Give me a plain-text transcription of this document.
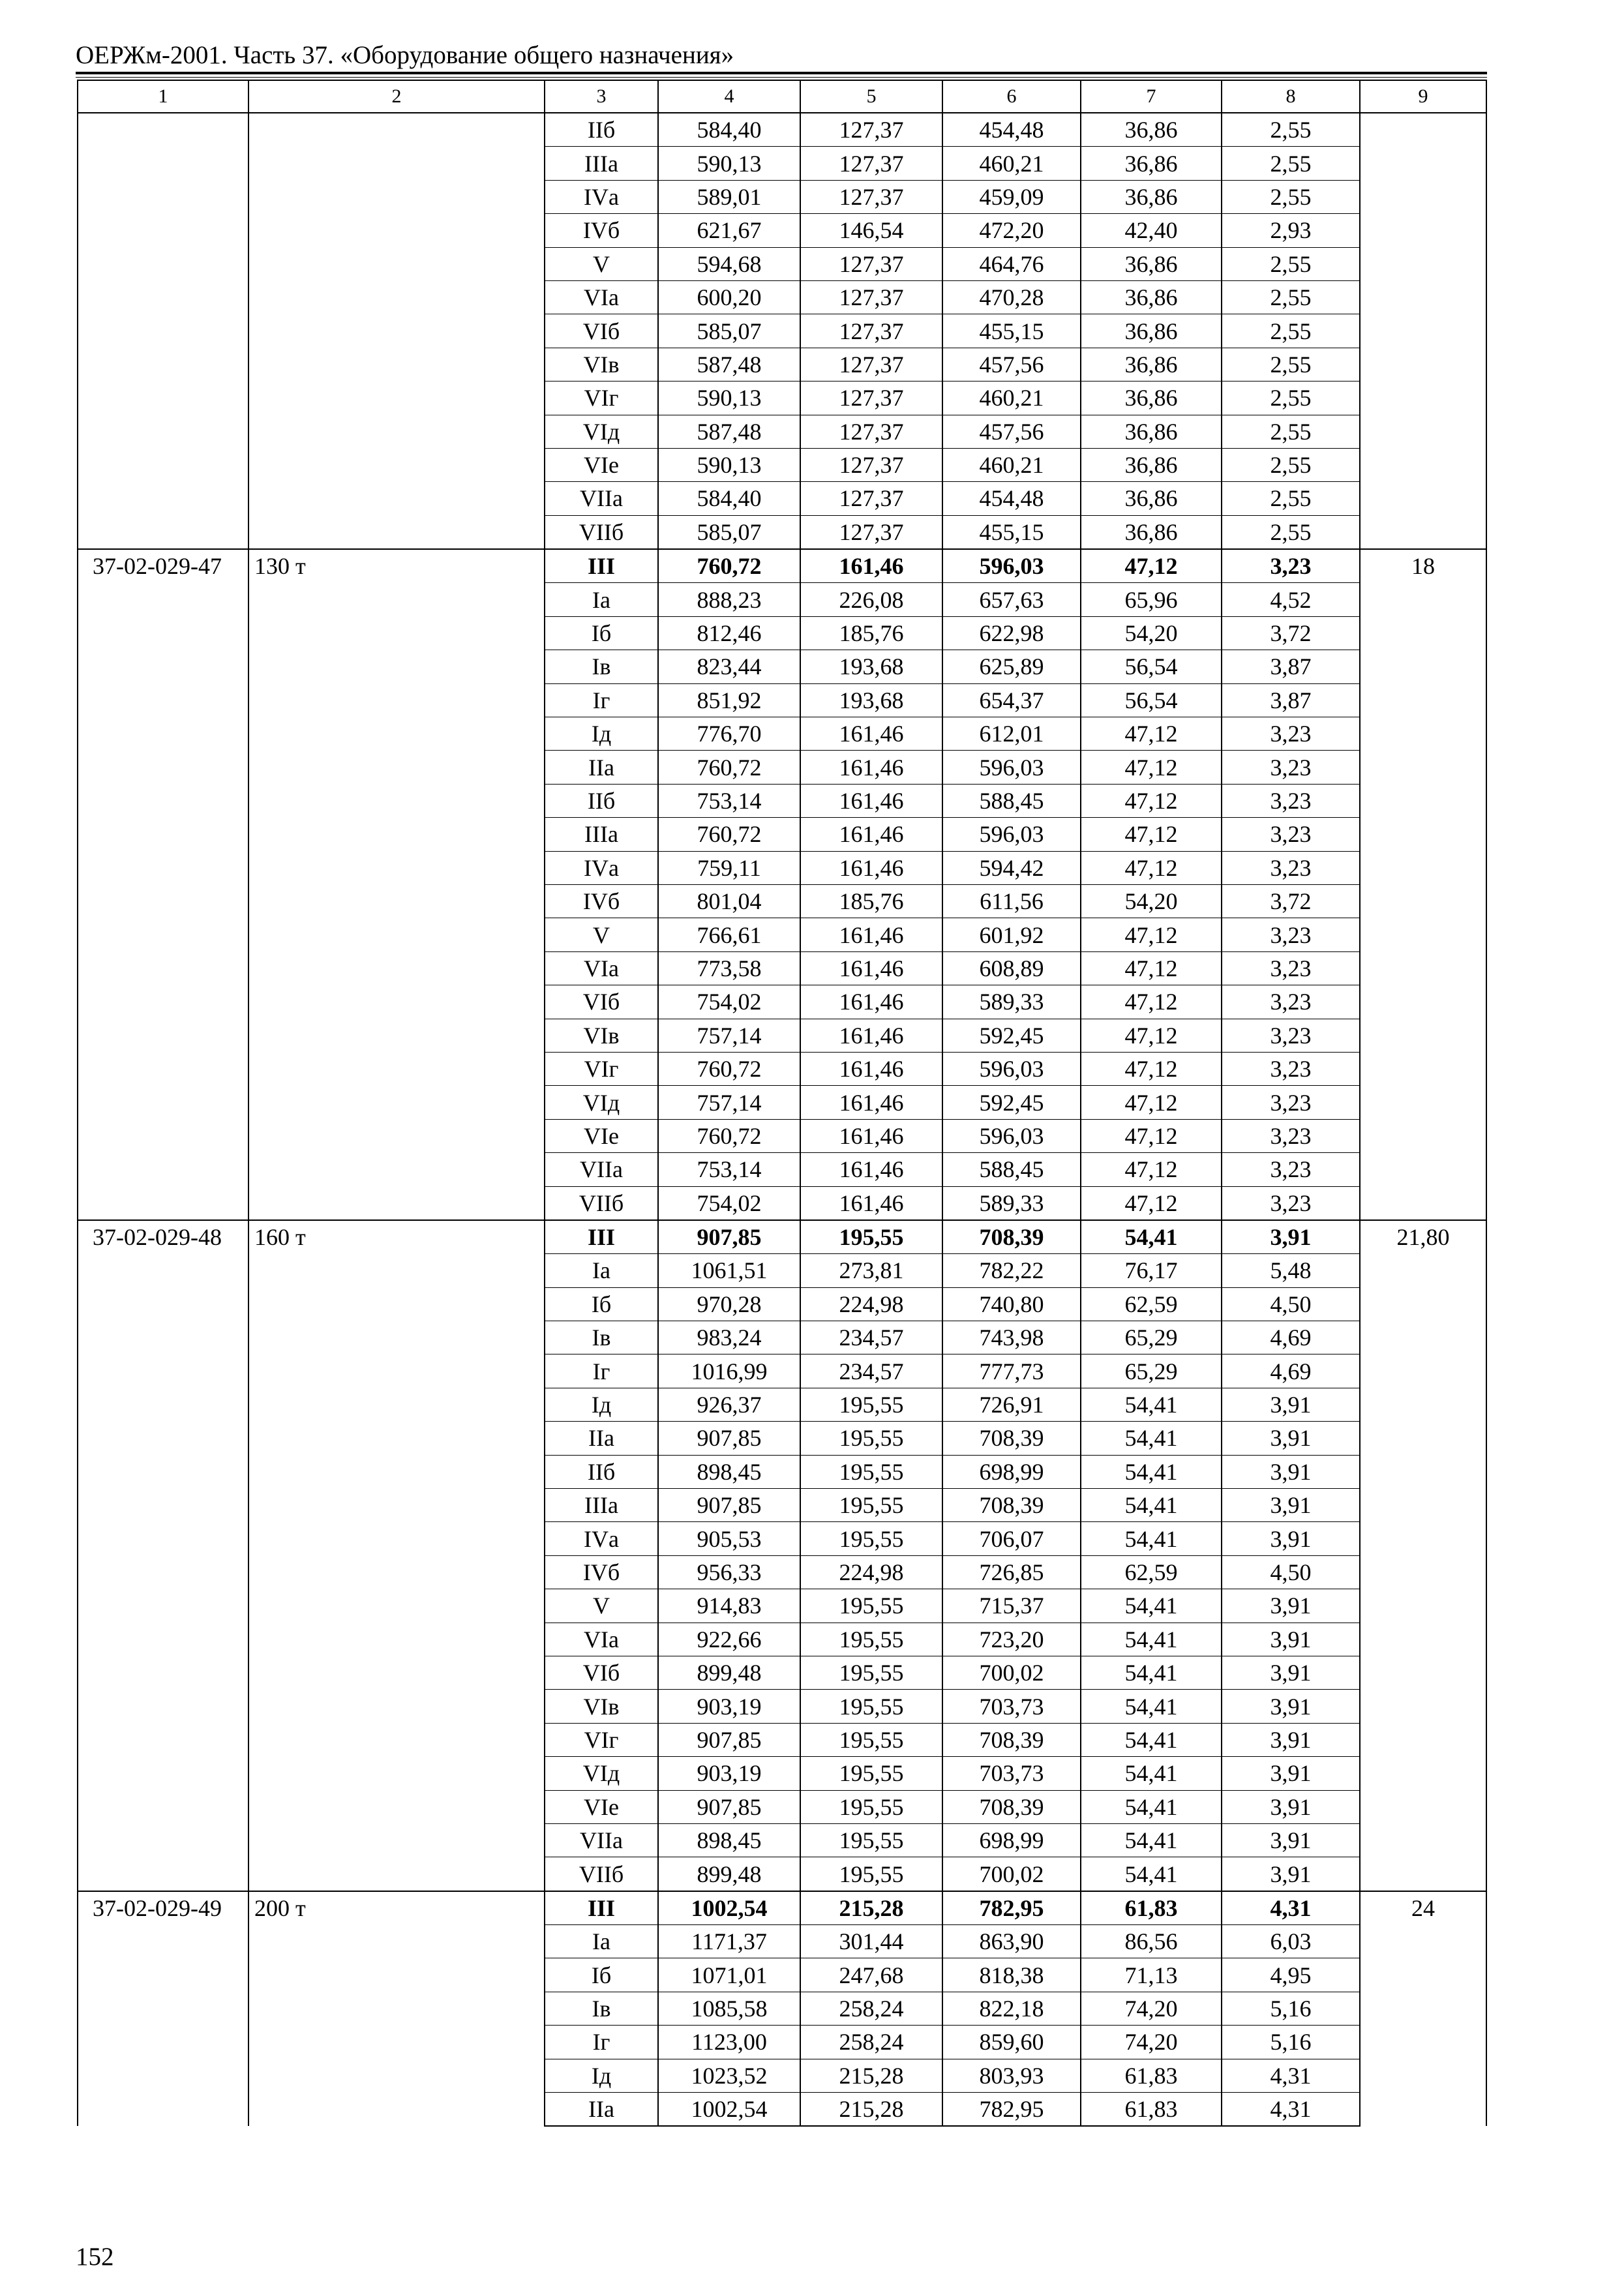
ОЕРЖм-2001. Часть 37. «Оборудование общего назначения»
1	2	3	4	5	6	7	8	9
		IIб	584,40	127,37	454,48	36,86	2,55	
		IIIа	590,13	127,37	460,21	36,86	2,55	
		IVа	589,01	127,37	459,09	36,86	2,55	
		IVб	621,67	146,54	472,20	42,40	2,93	
		V	594,68	127,37	464,76	36,86	2,55	
		VIа	600,20	127,37	470,28	36,86	2,55	
		VIб	585,07	127,37	455,15	36,86	2,55	
		VIв	587,48	127,37	457,56	36,86	2,55	
		VIг	590,13	127,37	460,21	36,86	2,55	
		VIд	587,48	127,37	457,56	36,86	2,55	
		VIе	590,13	127,37	460,21	36,86	2,55	
		VIIа	584,40	127,37	454,48	36,86	2,55	
		VIIб	585,07	127,37	455,15	36,86	2,55	
37-02-029-47	130 т	III	760,72	161,46	596,03	47,12	3,23	18
		Iа	888,23	226,08	657,63	65,96	4,52	
		Iб	812,46	185,76	622,98	54,20	3,72	
		Iв	823,44	193,68	625,89	56,54	3,87	
		Iг	851,92	193,68	654,37	56,54	3,87	
		Iд	776,70	161,46	612,01	47,12	3,23	
		IIа	760,72	161,46	596,03	47,12	3,23	
		IIб	753,14	161,46	588,45	47,12	3,23	
		IIIа	760,72	161,46	596,03	47,12	3,23	
		IVа	759,11	161,46	594,42	47,12	3,23	
		IVб	801,04	185,76	611,56	54,20	3,72	
		V	766,61	161,46	601,92	47,12	3,23	
		VIа	773,58	161,46	608,89	47,12	3,23	
		VIб	754,02	161,46	589,33	47,12	3,23	
		VIв	757,14	161,46	592,45	47,12	3,23	
		VIг	760,72	161,46	596,03	47,12	3,23	
		VIд	757,14	161,46	592,45	47,12	3,23	
		VIе	760,72	161,46	596,03	47,12	3,23	
		VIIа	753,14	161,46	588,45	47,12	3,23	
		VIIб	754,02	161,46	589,33	47,12	3,23	
37-02-029-48	160 т	III	907,85	195,55	708,39	54,41	3,91	21,80
		Iа	1061,51	273,81	782,22	76,17	5,48	
		Iб	970,28	224,98	740,80	62,59	4,50	
		Iв	983,24	234,57	743,98	65,29	4,69	
		Iг	1016,99	234,57	777,73	65,29	4,69	
		Iд	926,37	195,55	726,91	54,41	3,91	
		IIа	907,85	195,55	708,39	54,41	3,91	
		IIб	898,45	195,55	698,99	54,41	3,91	
		IIIа	907,85	195,55	708,39	54,41	3,91	
		IVа	905,53	195,55	706,07	54,41	3,91	
		IVб	956,33	224,98	726,85	62,59	4,50	
		V	914,83	195,55	715,37	54,41	3,91	
		VIа	922,66	195,55	723,20	54,41	3,91	
		VIб	899,48	195,55	700,02	54,41	3,91	
		VIв	903,19	195,55	703,73	54,41	3,91	
		VIг	907,85	195,55	708,39	54,41	3,91	
		VIд	903,19	195,55	703,73	54,41	3,91	
		VIе	907,85	195,55	708,39	54,41	3,91	
		VIIа	898,45	195,55	698,99	54,41	3,91	
		VIIб	899,48	195,55	700,02	54,41	3,91	
37-02-029-49	200 т	III	1002,54	215,28	782,95	61,83	4,31	24
		Iа	1171,37	301,44	863,90	86,56	6,03	
		Iб	1071,01	247,68	818,38	71,13	4,95	
		Iв	1085,58	258,24	822,18	74,20	5,16	
		Iг	1123,00	258,24	859,60	74,20	5,16	
		Iд	1023,52	215,28	803,93	61,83	4,31	
		IIа	1002,54	215,28	782,95	61,83	4,31	
152
